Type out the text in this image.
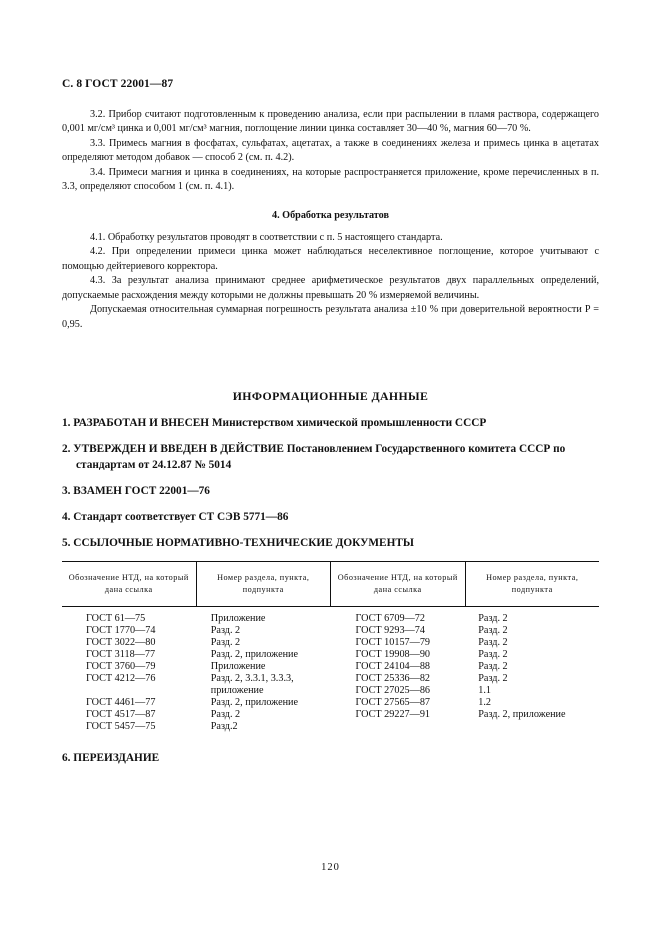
С. 8 ГОСТ 22001—87

3.2. Прибор считают подготовленным к проведению анализа, если при распылении в пламя раствора, содержащего 0,001 мг/см³ цинка и 0,001 мг/см³ магния, поглощение линии цинка составляет 30—40 %, магния 60—70 %.

3.3. Примесь магния в фосфатах, сульфатах, ацетатах, а также в соединениях железа и примесь цинка в ацетатах определяют методом добавок — способ 2 (см. п. 4.2).

3.4. Примеси магния и цинка в соединениях, на которые распространяется приложение, кроме перечисленных в п. 3.3, определяют способом 1 (см. п. 4.1).

4. Обработка результатов

4.1. Обработку результатов проводят в соответствии с п. 5 настоящего стандарта.

4.2. При определении примеси цинка может наблюдаться неселективное поглощение, которое учитывают с помощью дейтериевого корректора.

4.3. За результат анализа принимают среднее арифметическое результатов двух параллельных определений, допускаемые расхождения между которыми не должны превышать 20 % измеряемой величины.

Допускаемая относительная суммарная погрешность результата анализа ±10 % при доверительной вероятности P = 0,95.

ИНФОРМАЦИОННЫЕ ДАННЫЕ
1. РАЗРАБОТАН И ВНЕСЕН Министерством химической промышленности СССР
2. УТВЕРЖДЕН И ВВЕДЕН В ДЕЙСТВИЕ Постановлением Государственного комитета СССР по стандартам от 24.12.87 № 5014
3. ВЗАМЕН ГОСТ 22001—76
4. Стандарт соответствует СТ СЭВ 5771—86
5. ССЫЛОЧНЫЕ НОРМАТИВНО-ТЕХНИЧЕСКИЕ ДОКУМЕНТЫ
Обозначение НТД, на который дана ссылка
Номер раздела, пункта, подпункта
Обозначение НТД, на который дана ссылка
Номер раздела, пункта, подпункта
ГОСТ 61—75
ГОСТ 1770—74
ГОСТ 3022—80
ГОСТ 3118—77
ГОСТ 3760—79
ГОСТ 4212—76
ГОСТ 4461—77
ГОСТ 4517—87
ГОСТ 5457—75
Приложение
Разд. 2
Разд. 2
Разд. 2, приложение
Приложение
Разд. 2, 3.3.1, 3.3.3, приложение
Разд. 2, приложение
Разд. 2
Разд.2
ГОСТ 6709—72
ГОСТ 9293—74
ГОСТ 10157—79
ГОСТ 19908—90
ГОСТ 24104—88
ГОСТ 25336—82
ГОСТ 27025—86
ГОСТ 27565—87
ГОСТ 29227—91
Разд. 2
Разд. 2
Разд. 2
Разд. 2
Разд. 2
Разд. 2
1.1
1.2
Разд. 2, приложение
6. ПЕРЕИЗДАНИЕ
120
